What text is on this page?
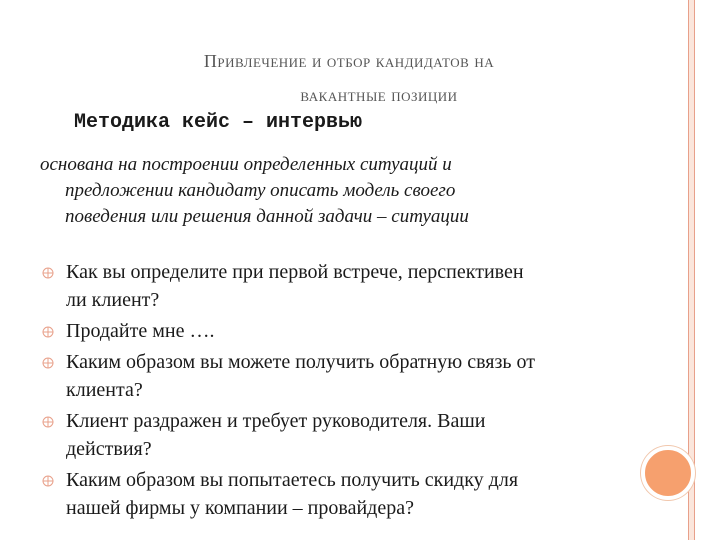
Привлечение и отбор кандидатов на
вакантные позиции
Методика кейс – интервью
основана на построении определенных ситуаций и
предложении кандидату описать модель своего
поведения или решения данной задачи – ситуации
Как вы определите при первой встрече, перспективен
ли клиент?
Продайте мне ….
Каким образом вы можете получить обратную связь от
клиента?
Клиент раздражен и требует руководителя. Ваши
действия?
Каким образом вы попытаетесь получить скидку для
нашей фирмы у компании – провайдера?
